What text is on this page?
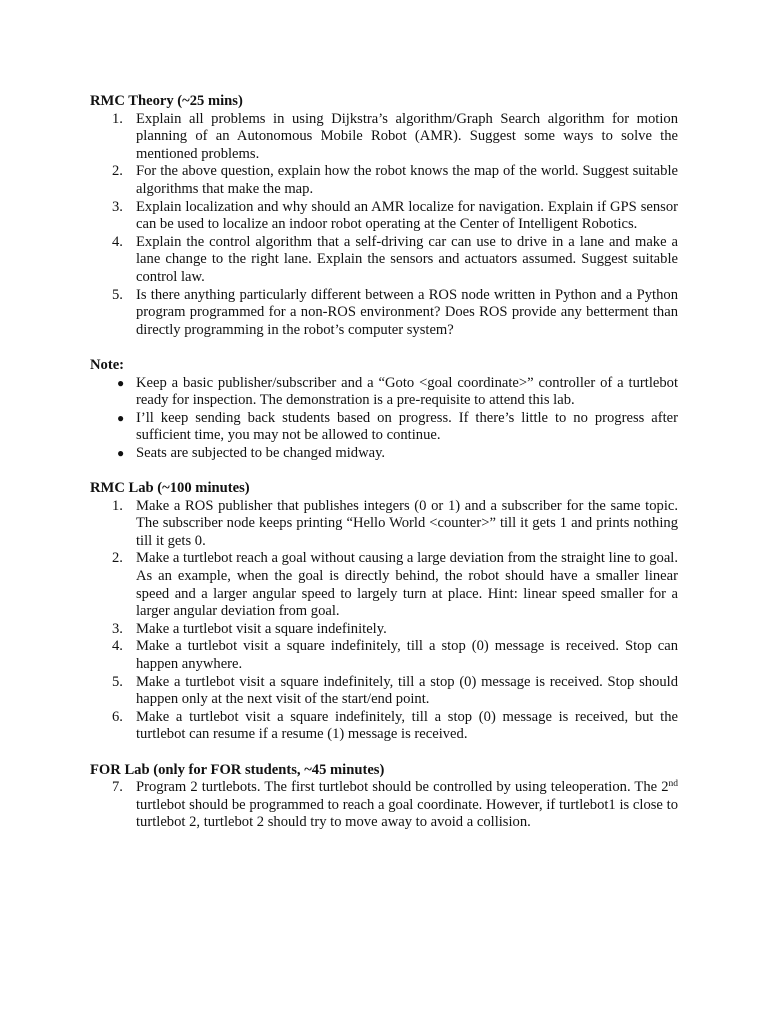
RMC Theory (~25 mins)

1. Explain all problems in using Dijkstra’s algorithm/Graph Search algorithm for motion planning of an Autonomous Mobile Robot (AMR). Suggest some ways to solve the mentioned problems.
2. For the above question, explain how the robot knows the map of the world. Suggest suitable algorithms that make the map.
3. Explain localization and why should an AMR localize for navigation. Explain if GPS sensor can be used to localize an indoor robot operating at the Center of Intelligent Robotics.
4. Explain the control algorithm that a self-driving car can use to drive in a lane and make a lane change to the right lane. Explain the sensors and actuators assumed. Suggest suitable control law.
5. Is there anything particularly different between a ROS node written in Python and a Python program programmed for a non-ROS environment? Does ROS provide any betterment than directly programming in the robot’s computer system?

Note:

● Keep a basic publisher/subscriber and a “Goto <goal coordinate>” controller of a turtlebot ready for inspection. The demonstration is a pre-requisite to attend this lab.
● I’ll keep sending back students based on progress. If there’s little to no progress after sufficient time, you may not be allowed to continue.
● Seats are subjected to be changed midway.

RMC Lab (~100 minutes)

1. Make a ROS publisher that publishes integers (0 or 1) and a subscriber for the same topic. The subscriber node keeps printing “Hello World <counter>” till it gets 1 and prints nothing till it gets 0.
2. Make a turtlebot reach a goal without causing a large deviation from the straight line to goal. As an example, when the goal is directly behind, the robot should have a smaller linear speed and a larger angular speed to largely turn at place. Hint: linear speed smaller for a larger angular deviation from goal.
3. Make a turtlebot visit a square indefinitely.
4. Make a turtlebot visit a square indefinitely, till a stop (0) message is received. Stop can happen anywhere.
5. Make a turtlebot visit a square indefinitely, till a stop (0) message is received. Stop should happen only at the next visit of the start/end point.
6. Make a turtlebot visit a square indefinitely, till a stop (0) message is received, but the turtlebot can resume if a resume (1) message is received.

FOR Lab (only for FOR students, ~45 minutes)

7. Program 2 turtlebots. The first turtlebot should be controlled by using teleoperation. The 2nd turtlebot should be programmed to reach a goal coordinate. However, if turtlebot1 is close to turtlebot 2, turtlebot 2 should try to move away to avoid a collision.
